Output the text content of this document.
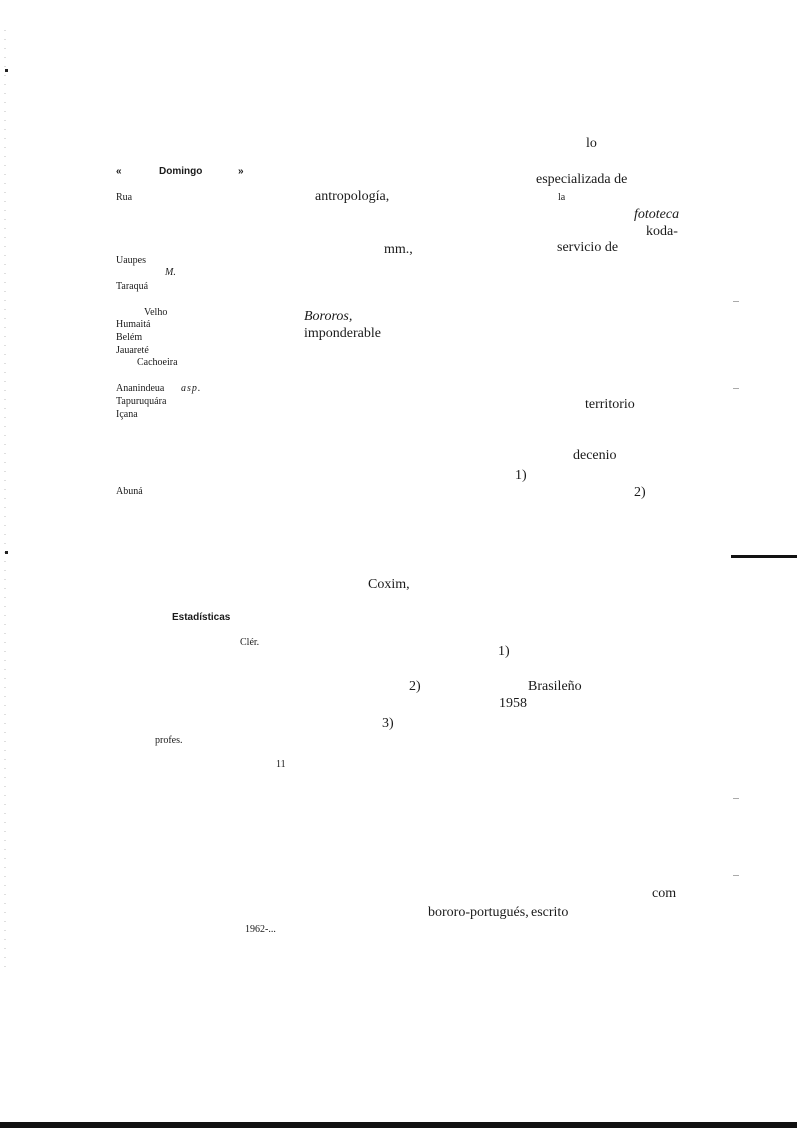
lo
«	Domingo	»
especializada de
Rua	antropología,	la
fototeca
koda-
mm.,	servicio de
Uaupes
M.
Taraquá
Velho	Bororos,
Humaitá
imponderable
Belém
Jauareté
Cachoeira
Ananindeua asp.
Tapuruquára	territorio
Içana
decenio
1)
Abuná	2)
Coxim,
Estadísticas
Clér.
1)
2)	Brasileño
1958
3)
profes.
11
com
bororo-portugués, escrito
1962-...
